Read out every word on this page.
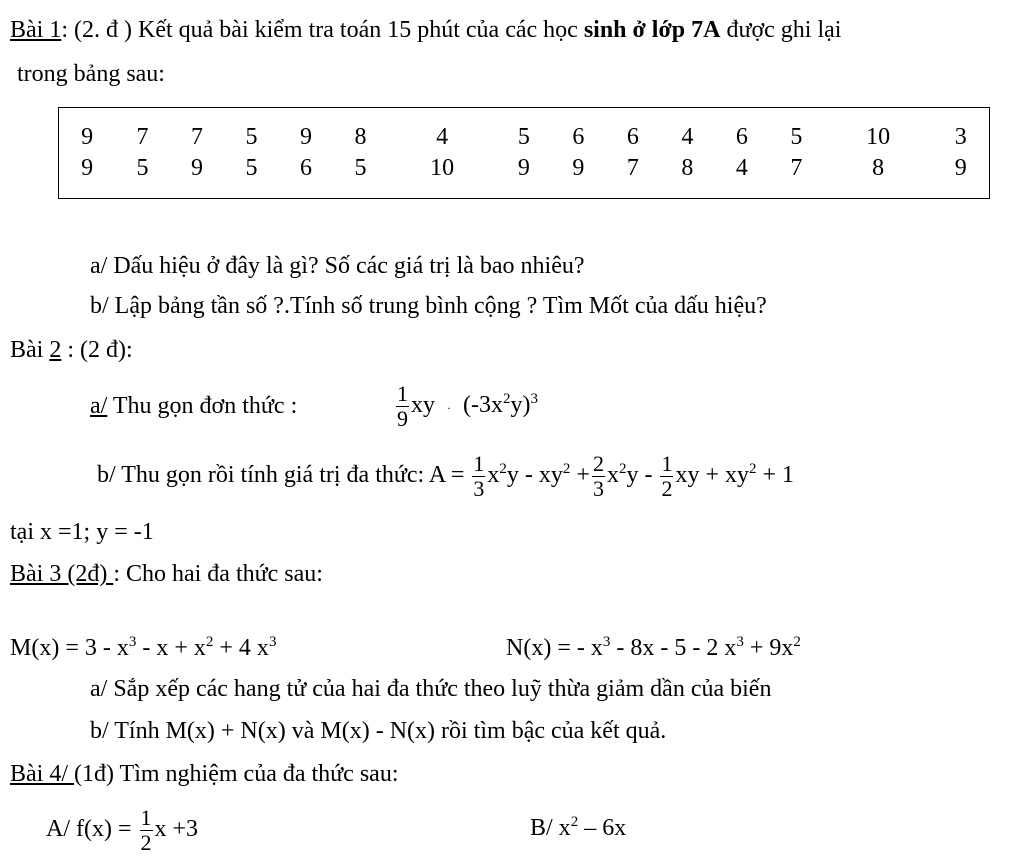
Bài 1: (2. đ ) Kết quả bài kiểm tra toán 15 phút của các học sinh ở lớp 7A được ghi lại
trong bảng sau:
9	7	7	5	9	8	4	5	6	6	4	6	5	10	3
9	5	9	5	6	5	10	9	9	7	8	4	7	8	9
a/ Dấu hiệu ở đây là gì? Số các giá trị là bao nhiêu?
b/ Lập bảng tần số ?.Tính số trung bình cộng ? Tìm Mốt của dấu hiệu?
Bài 2 : (2 đ):
a/ Thu gọn đơn thức :	$\frac{1}{9}$ xy · $(-3x^2y)^3$
b/ Thu gọn rồi tính giá trị đa thức: $A = \frac{1}{3} x^2y - xy^2 + \frac{2}{3} x^2y - \frac{1}{2}$ xy + $xy^2 + 1$
tại x =1; y = -1
Bài 3 (2đ) : Cho hai đa thức sau:
$M(x) = 3 - x^3 - x + x^2 + 4$ $x^3$	N(x) = - $x^3 - 8x - 5 - 2$ $x^3 + 9x^2$
a/ Sắp xếp các hang tử của hai đa thức theo luỹ thừa giảm dần của biến
b/ Tính M(x) + N(x) và M(x) - N(x) rồi tìm bậc của kết quả.
Bài 4/ (1đ) Tìm nghiệm của đa thức sau:
A/ $f(x) = \frac{1}{2}$ x +3	B/ $x^2 - 6x$
